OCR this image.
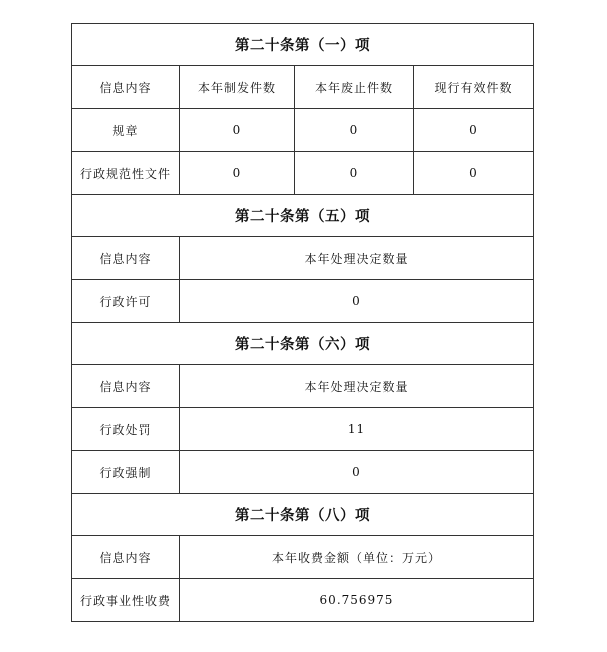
第二十条第（一）项			
信息内容	本年制发件数	本年废止件数	现行有效件数
规章	0	0	0
行政规范性文件	0	0	0
第二十条第（五）项			
信息内容	本年处理决定数量		
行政许可	0		
第二十条第（六）项			
信息内容	本年处理决定数量		
行政处罚	11		
行政强制	0		
第二十条第（八）项			
信息内容	本年收费金额（单位：万元）		
行政事业性收费	60.756975		
